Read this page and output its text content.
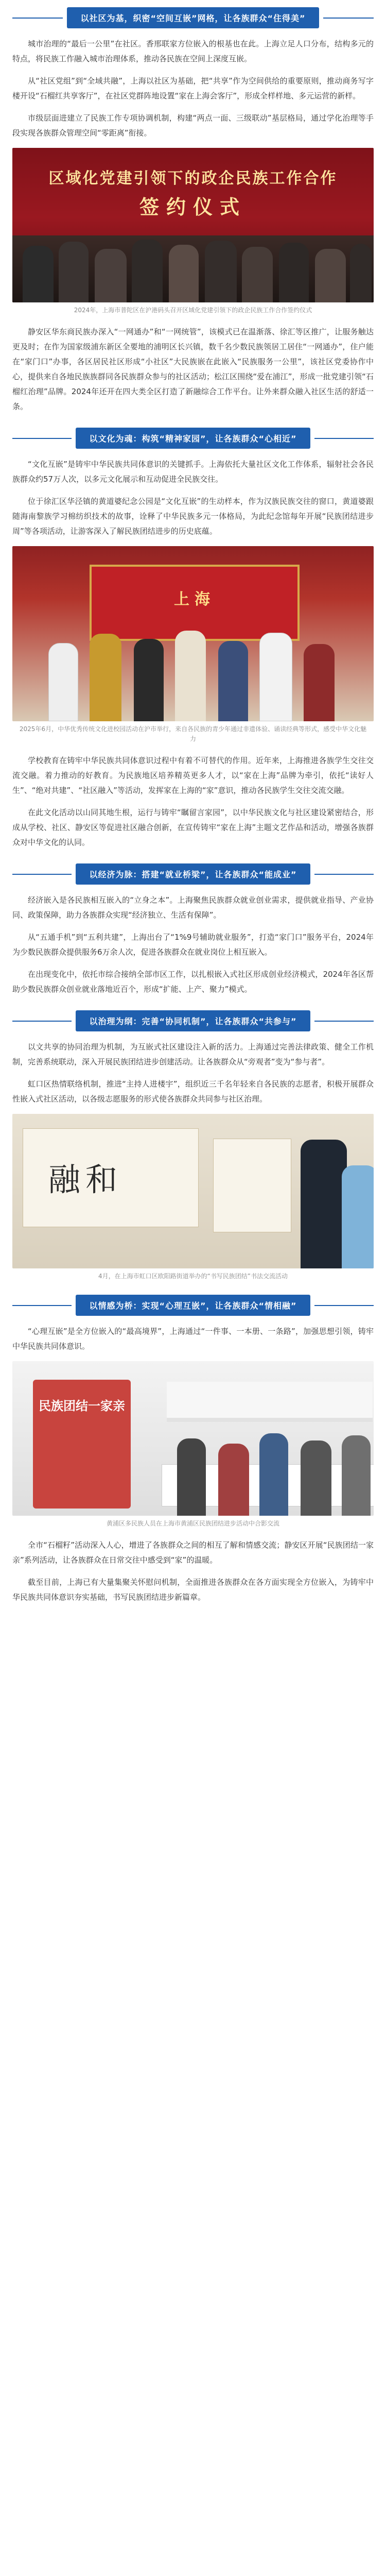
以社区为基，织密“空间互嵌”网格，让各族群众“住得美”

城市治理的“最后一公里”在社区。香邢联家方位嵌入的根基也在此。上海立足人口分布，结构多元的特点，将民族工作融入城市治理体系，推动各民族在空间上深度互嵌。

从“社区党组”到“全域共融”，上海以社区为基础，把“共享”作为空间供给的重要原则，推动商务写字楼开设“石榴红共享客厅”，在社区党群阵地设置“家在上海会客厅”，形成全样样地、多元运营的新样。

市级层面进建立了民族工作专项协调机制，构建“两点一面、三级联动”基层格局，通过学化治理等手段实现各族群众管理空间“零距离”衔接。

区域化党建引领下的政企民族工作合作
签约仪式
2024年，上海市普陀区在沪港码头召开区域化党建引领下的政企民族工作合作签约仪式

静安区华东商民族办深入“一网通办”和“一网统管”，该模式已在温渐落、徐汇等区推广，让服务触达更及时；在作为国家级浦东新区全要地的浦明区长兴镇，数千名少数民族领居工居住“一网通办”，住户能在“家门口”办事，各区居民社区形成“小社区”大民族嵌在此嵌入“民族服务一公里”，该社区党委协作中心，提供来自各地民族族群同各民族群众参与的社区活动；松江区围绕“爱在浦江”，形成一批党建引领“石榴红治理”品牌。2024年还开在四大类全区打造了新融综合工作平台。让外来群众融入社区生活的舒适一条。

以文化为魂：构筑“精神家园”，让各族群众“心相近”

“文化互嵌”是铸牢中华民族共同体意识的关键抓手。上海依托大量社区文化工作体系，辐射社会各民族群众约57万人次，以多元文化展示和互动促进全民族交往。

位于徐汇区华泾镇的黄道婆纪念公园是“文化互嵌”的生动样本，作为汉族民族交往的窗口，黄道婆跟随海南黎族学习棉纺织技术的故事，诠释了中华民族多元一体格局，为此纪念馆每年开展“民族团结进步周”等各项活动，让游客深入了解民族团结进步的历史底蕴。

上海
2025年6月，中华优秀传统文化进校园活动在沪市举行，来自各民族的青少年通过非遗体验、诵读经典等形式，感受中华文化魅力

学校教育在铸牢中华民族共同体意识过程中有着不可替代的作用。近年来，上海推进各族学生交往交流交融。着力推动的好教育。为民族地区培养精英更多人才，以“家在上海”品牌为牵引，依托“读好人生”、“绝对共建”、“社区融入”等活动，发挥家在上海的“家”意识，推动各民族学生交往交流交融。

在此文化活动以山同其地生根，运行与铸牢“瞩留言家园”，以中华民族文化与社区建设紧密结合，形成从学校、社区、静安区等促进社区融合创新，在宣传铸牢“家在上海”主题文艺作品和活动，增强各族群众对中华文化的认同。

以经济为脉：搭建“就业桥梁”，让各族群众“能成业”

经济嵌入是各民族相互嵌入的“立身之本”。上海聚焦民族群众就业创业需求，提供就业指导、产业协同、政策保障，助力各族群众实现“经济独立、生活有保障”。

从“五通手机”到“五利共建”，上海出台了“1%9号辅助就业服务”，打造“家门口”服务平台，2024年为少数民族群众提供服务6万余人次，促进各族群众在就业岗位上相互嵌入。

在出现变化中，依托市综合接纳全部市区工作，以扎根嵌入式社区形成创业经济模式，2024年各区帮助少数民族群众创业就业落地近百个，形成“扩能、上产、聚力”模式。

以治理为纲：完善“协同机制”，让各族群众“共参与”

以文共享的协同治理为机制，为互嵌式社区建设注入新的活力。上海通过完善法律政策、健全工作机制，完善系统联动，深入开展民族团结进步创建活动。让各族群众从“旁观者”变为“参与者”。

虹口区热情联络机制，推进“主持人进楼宇”，组织近三千名年轻来自各民族的志愿者，积极开展群众性嵌入式社区活动，以各级志愿服务的形式使各族群众共同参与社区治理。

融和
4月，在上海市虹口区欧阳路街道举办的“书写民族团结”书法交流活动
以情感为桥：实现“心理互嵌”，让各族群众“情相融”

“心理互嵌”是全方位嵌入的“最高境界”，上海通过“一件事、一本册、一条路”，加强思想引领，铸牢中华民族共同体意识。

民族团结一家亲
黄浦区多民族人员在上海市黄浦区民族团结进步活动中合影交流

全市“石榴籽”活动深入人心，增进了各族群众之间的相互了解和情感交流；静安区开展“民族团结一家亲”系列活动，让各族群众在日常交往中感受到“家”的温暖。

截至目前，上海已有大量集聚关怀慰问机制，全面推进各族群众在各方面实现全方位嵌入，为铸牢中华民族共同体意识夯实基础，书写民族团结进步新篇章。
